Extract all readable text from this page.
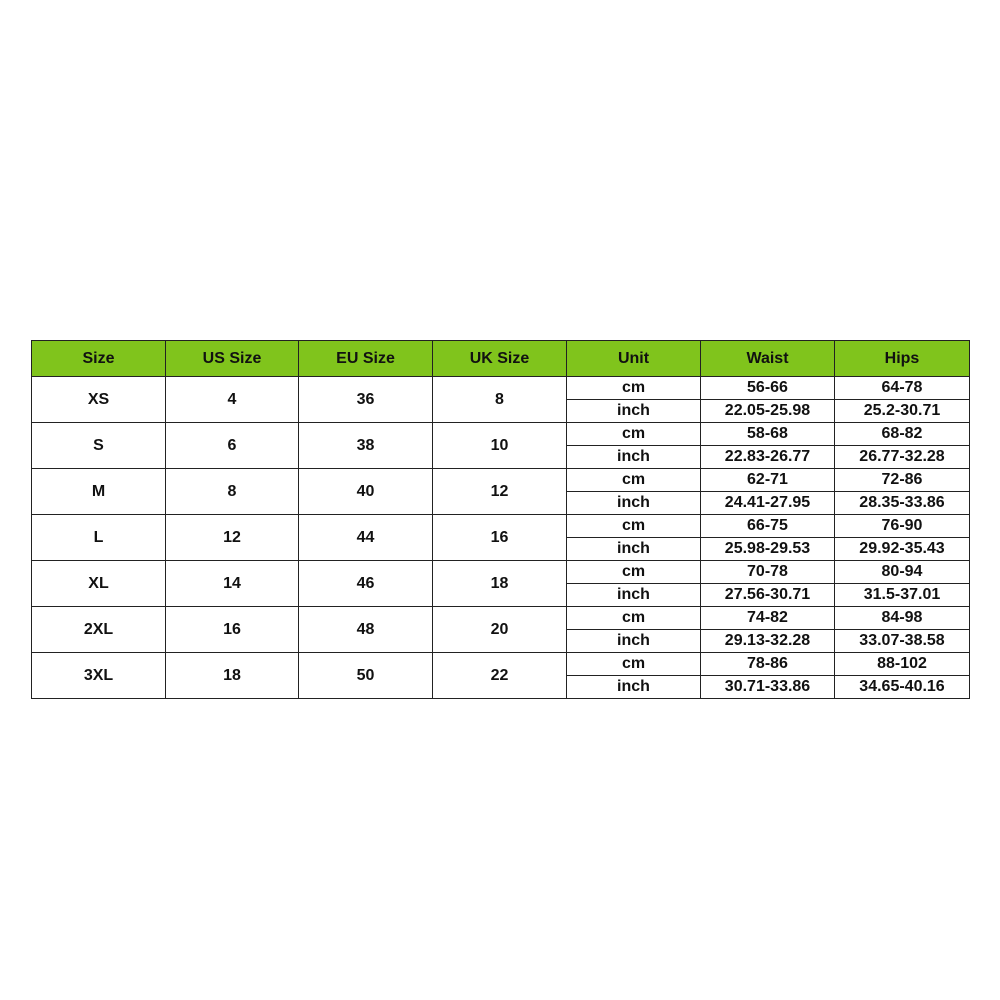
Size	US Size	EU Size	UK Size	Unit	Waist	Hips
XS	4	36	8	cm	56-66	64-78
				inch	22.05-25.98	25.2-30.71
S	6	38	10	cm	58-68	68-82
				inch	22.83-26.77	26.77-32.28
M	8	40	12	cm	62-71	72-86
				inch	24.41-27.95	28.35-33.86
L	12	44	16	cm	66-75	76-90
				inch	25.98-29.53	29.92-35.43
XL	14	46	18	cm	70-78	80-94
				inch	27.56-30.71	31.5-37.01
2XL	16	48	20	cm	74-82	84-98
				inch	29.13-32.28	33.07-38.58
3XL	18	50	22	cm	78-86	88-102
				inch	30.71-33.86	34.65-40.16
